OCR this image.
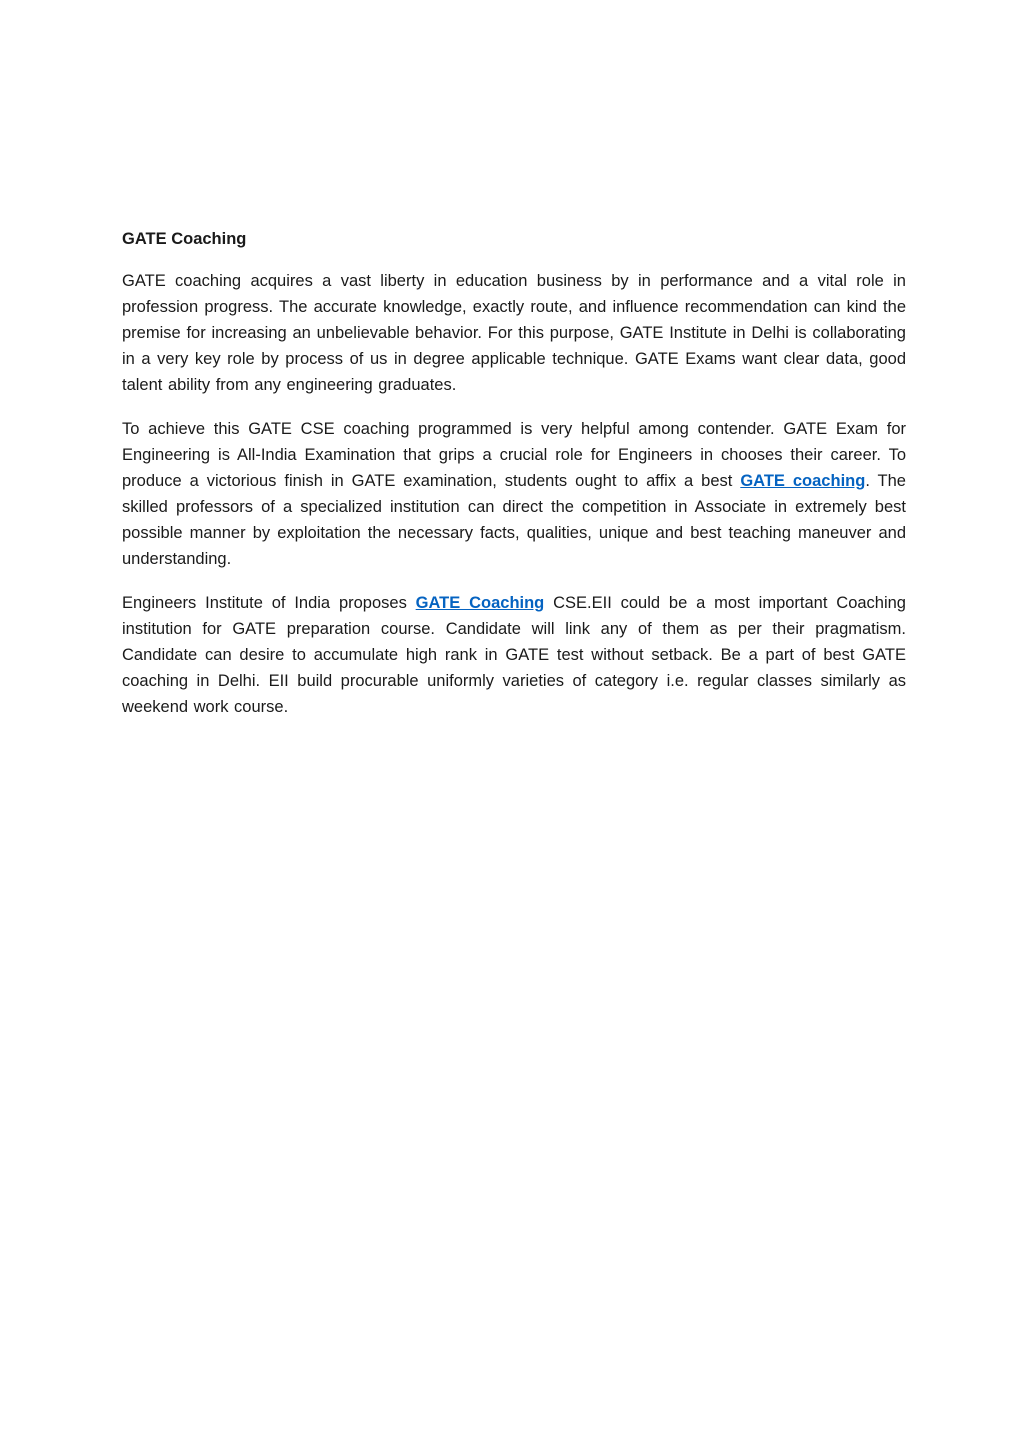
GATE Coaching

GATE coaching acquires a vast liberty in education business by in performance and a vital role in profession progress. The accurate knowledge, exactly route, and influence recommendation can kind the premise for increasing an unbelievable behavior. For this purpose, GATE Institute in Delhi is collaborating in a very key role by process of us in degree applicable technique. GATE Exams want clear data, good talent ability from any engineering graduates.

To achieve this GATE CSE coaching programmed is very helpful among contender. GATE Exam for Engineering is All-India Examination that grips a crucial role for Engineers in chooses their career. To produce a victorious finish in GATE examination, students ought to affix a best GATE coaching. The skilled professors of a specialized institution can direct the competition in Associate in extremely best possible manner by exploitation the necessary facts, qualities, unique and best teaching maneuver and understanding.

Engineers Institute of India proposes GATE Coaching CSE.EII could be a most important Coaching institution for GATE preparation course. Candidate will link any of them as per their pragmatism. Candidate can desire to accumulate high rank in GATE test without setback. Be a part of best GATE coaching in Delhi. EII build procurable uniformly varieties of category i.e. regular classes similarly as weekend work course.
